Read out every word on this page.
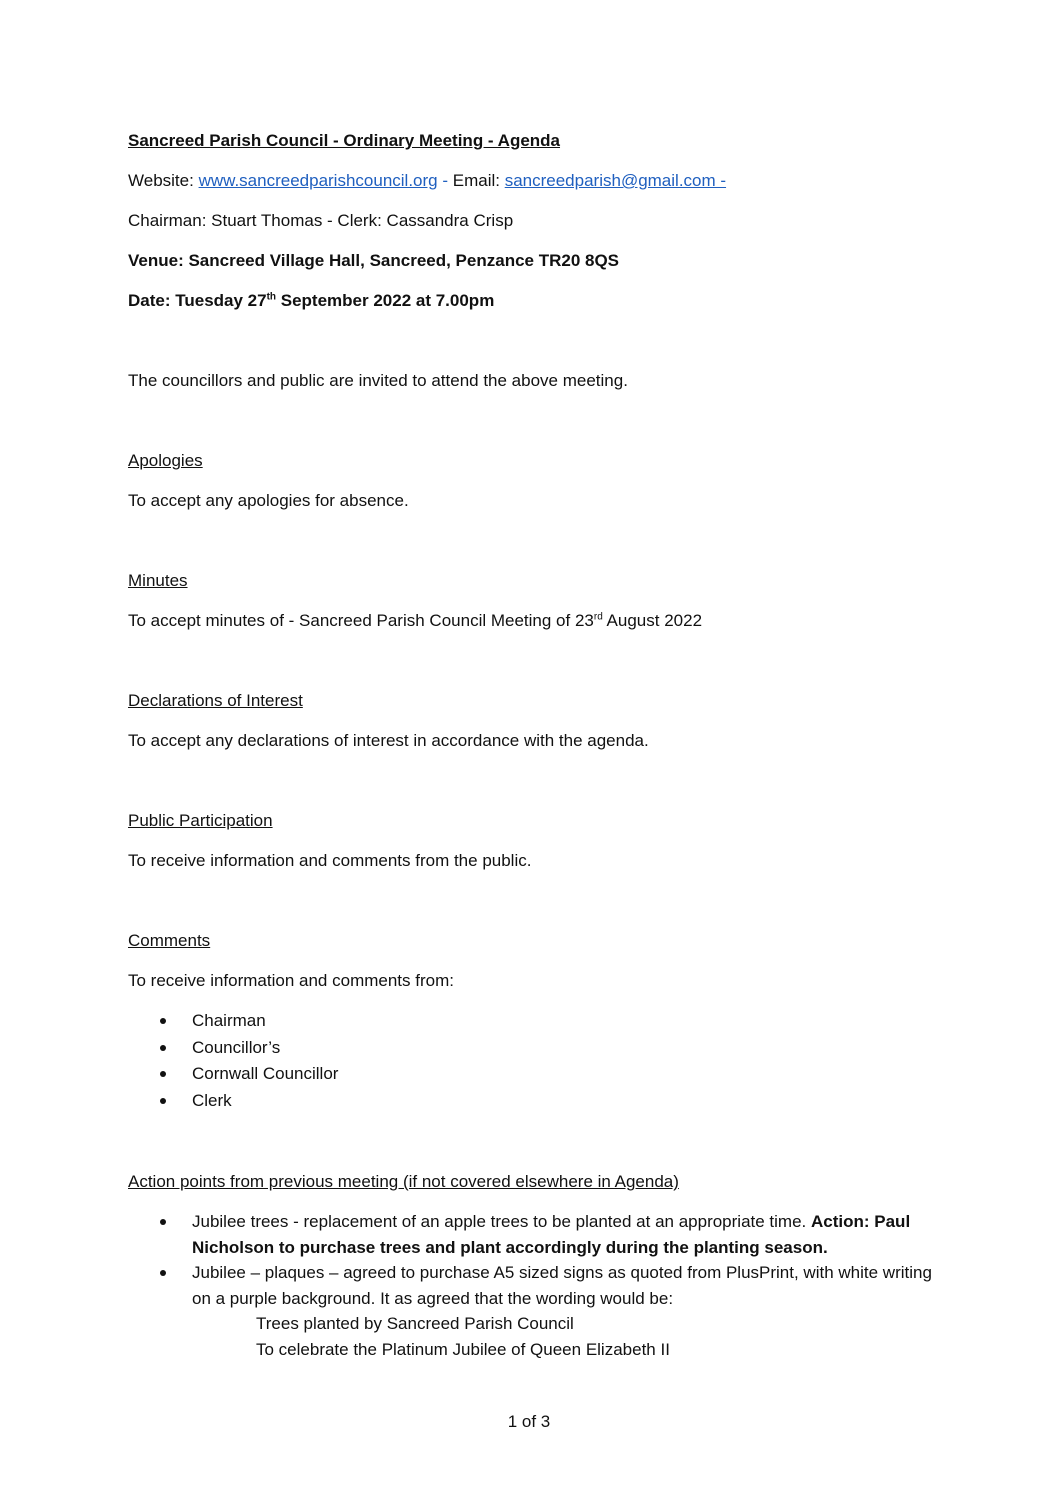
Sancreed Parish Council - Ordinary Meeting - Agenda
Website: www.sancreedparishcouncil.org - Email: sancreedparish@gmail.com -
Chairman: Stuart Thomas - Clerk: Cassandra Crisp
Venue: Sancreed Village Hall, Sancreed, Penzance TR20 8QS
Date: Tuesday 27th September 2022 at 7.00pm
The councillors and public are invited to attend the above meeting.
Apologies
To accept any apologies for absence.
Minutes
To accept minutes of - Sancreed Parish Council Meeting of 23rd August 2022
Declarations of Interest
To accept any declarations of interest in accordance with the agenda.
Public Participation
To receive information and comments from the public.
Comments
To receive information and comments from:
Chairman
Councillor’s
Cornwall Councillor
Clerk
Action points from previous meeting (if not covered elsewhere in Agenda)
Jubilee trees - replacement of an apple trees to be planted at an appropriate time. Action: Paul Nicholson to purchase trees and plant accordingly during the planting season.
Jubilee – plaques – agreed to purchase A5 sized signs as quoted from PlusPrint, with white writing on a purple background. It as agreed that the wording would be:
Trees planted by Sancreed Parish Council
To celebrate the Platinum Jubilee of Queen Elizabeth II
1 of 3
